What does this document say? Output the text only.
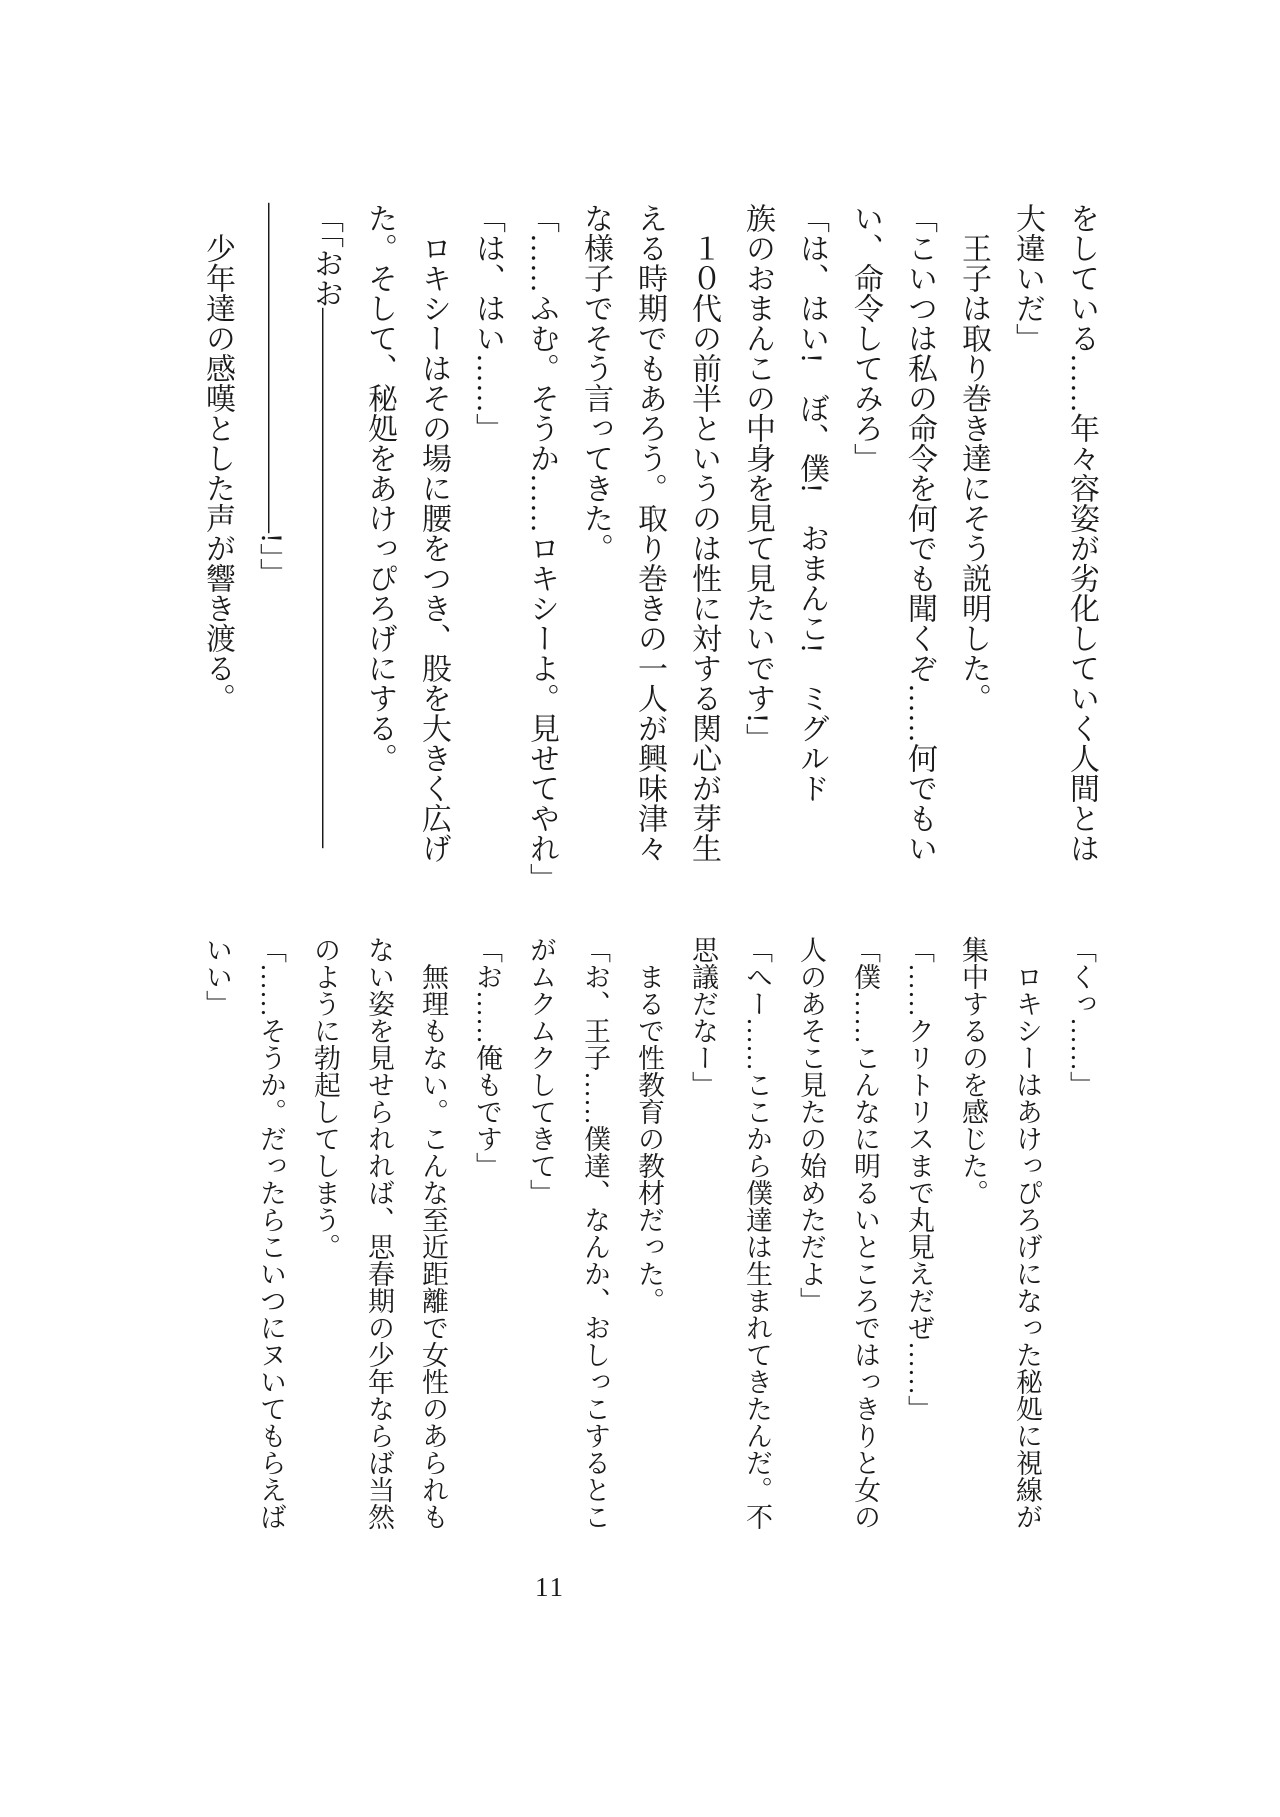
をしている……年々容姿が劣化していく人間とは
大違いだ」
　王子は取り巻き達にそう説明した。
「こいつは私の命令を何でも聞くぞ……何でもい
い、命令してみろ」
「は、はい!　ぼ、僕!　おまんこ!　ミグルド
族のおまんこの中身を見て見たいです!」
　１０代の前半というのは性に対する関心が芽生
える時期でもあろう。取り巻きの一人が興味津々
な様子でそう言ってきた。
「……ふむ。そうか……ロキシーよ。見せてやれ」
「は、はい……」
　ロキシーはその場に腰をつき、股を大きく広げ
た。そして、秘処をあけっぴろげにする。
「「おお――――――――――――――――――
―――――――――――!」」
　少年達の感嘆とした声が響き渡る。
「くっ……」
　ロキシーはあけっぴろげになった秘処に視線が
集中するのを感じた。
「……クリトリスまで丸見えだぜ……」
「僕……こんなに明るいところではっきりと女の
人のあそこ見たの始めただよ」
「へー……ここから僕達は生まれてきたんだ。不
思議だなー」
　まるで性教育の教材だった。
「お、王子……僕達、なんか、おしっこするとこ
がムクムクしてきて」
「お……俺もです」
　無理もない。こんな至近距離で女性のあられも
ない姿を見せられれば、思春期の少年ならば当然
のように勃起してしまう。
「……そうか。だったらこいつにヌいてもらえば
いい」
11
